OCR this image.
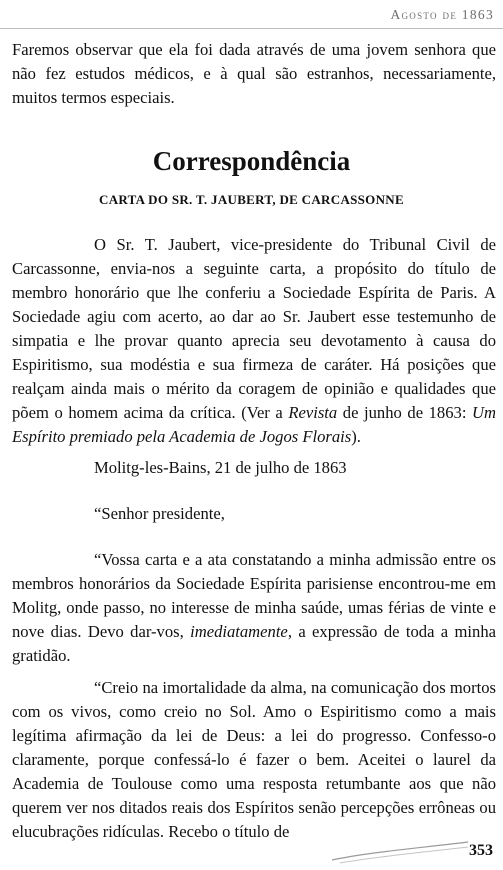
Agosto de 1863

Faremos observar que ela foi dada através de uma jovem senhora que não fez estudos médicos, e à qual são estranhos, necessariamente, muitos termos especiais.

Correspondência
CARTA DO SR. T. JAUBERT, DE CARCASSONNE

O Sr. T. Jaubert, vice-presidente do Tribunal Civil de Carcassonne, envia-nos a seguinte carta, a propósito do título de membro honorário que lhe conferiu a Sociedade Espírita de Paris. A Sociedade agiu com acerto, ao dar ao Sr. Jaubert esse testemunho de simpatia e lhe provar quanto aprecia seu devotamento à causa do Espiritismo, sua modéstia e sua firmeza de caráter. Há posições que realçam ainda mais o mérito da coragem de opinião e qualidades que põem o homem acima da crítica. (Ver a Revista de junho de 1863: Um Espírito premiado pela Academia de Jogos Florais).

Molitg-les-Bains, 21 de julho de 1863

“Senhor presidente,

“Vossa carta e a ata constatando a minha admissão entre os membros honorários da Sociedade Espírita parisiense encontrou-me em Molitg, onde passo, no interesse de minha saúde, umas férias de vinte e nove dias. Devo dar-vos, imediatamente, a expressão de toda a minha gratidão.

“Creio na imortalidade da alma, na comunicação dos mortos com os vivos, como creio no Sol. Amo o Espiritismo como a mais legítima afirmação da lei de Deus: a lei do progresso. Confesso-o claramente, porque confessá-lo é fazer o bem. Aceitei o laurel da Academia de Toulouse como uma resposta retumbante aos que não querem ver nos ditados reais dos Espíritos senão percepções errôneas ou elucubrações ridículas. Recebo o título de

353
